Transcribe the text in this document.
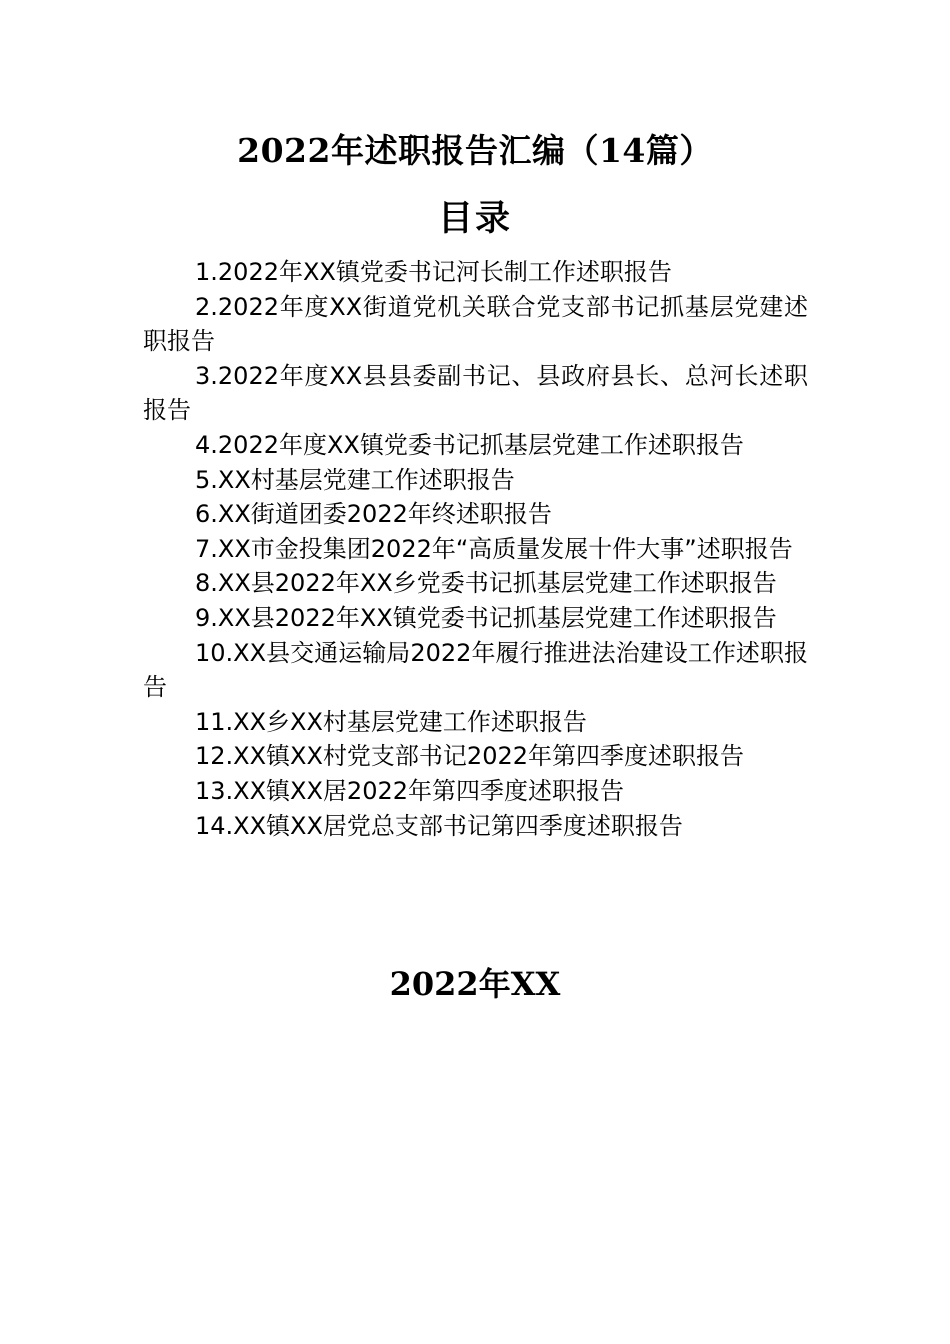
2022年述职报告汇编（14篇）
目录
1.2022年XX镇党委书记河长制工作述职报告
2.2022年度XX街道党机关联合党支部书记抓基层党建述职报告
3.2022年度XX县县委副书记、县政府县长、总河长述职报告
4.2022年度XX镇党委书记抓基层党建工作述职报告
5.XX村基层党建工作述职报告
6.XX街道团委2022年终述职报告
7.XX市金投集团2022年“高质量发展十件大事”述职报告
8.XX县2022年XX乡党委书记抓基层党建工作述职报告
9.XX县2022年XX镇党委书记抓基层党建工作述职报告
10.XX县交通运输局2022年履行推进法治建设工作述职报告
11.XX乡XX村基层党建工作述职报告
12.XX镇XX村党支部书记2022年第四季度述职报告
13.XX镇XX居2022年第四季度述职报告
14.XX镇XX居党总支部书记第四季度述职报告
2022年XX
